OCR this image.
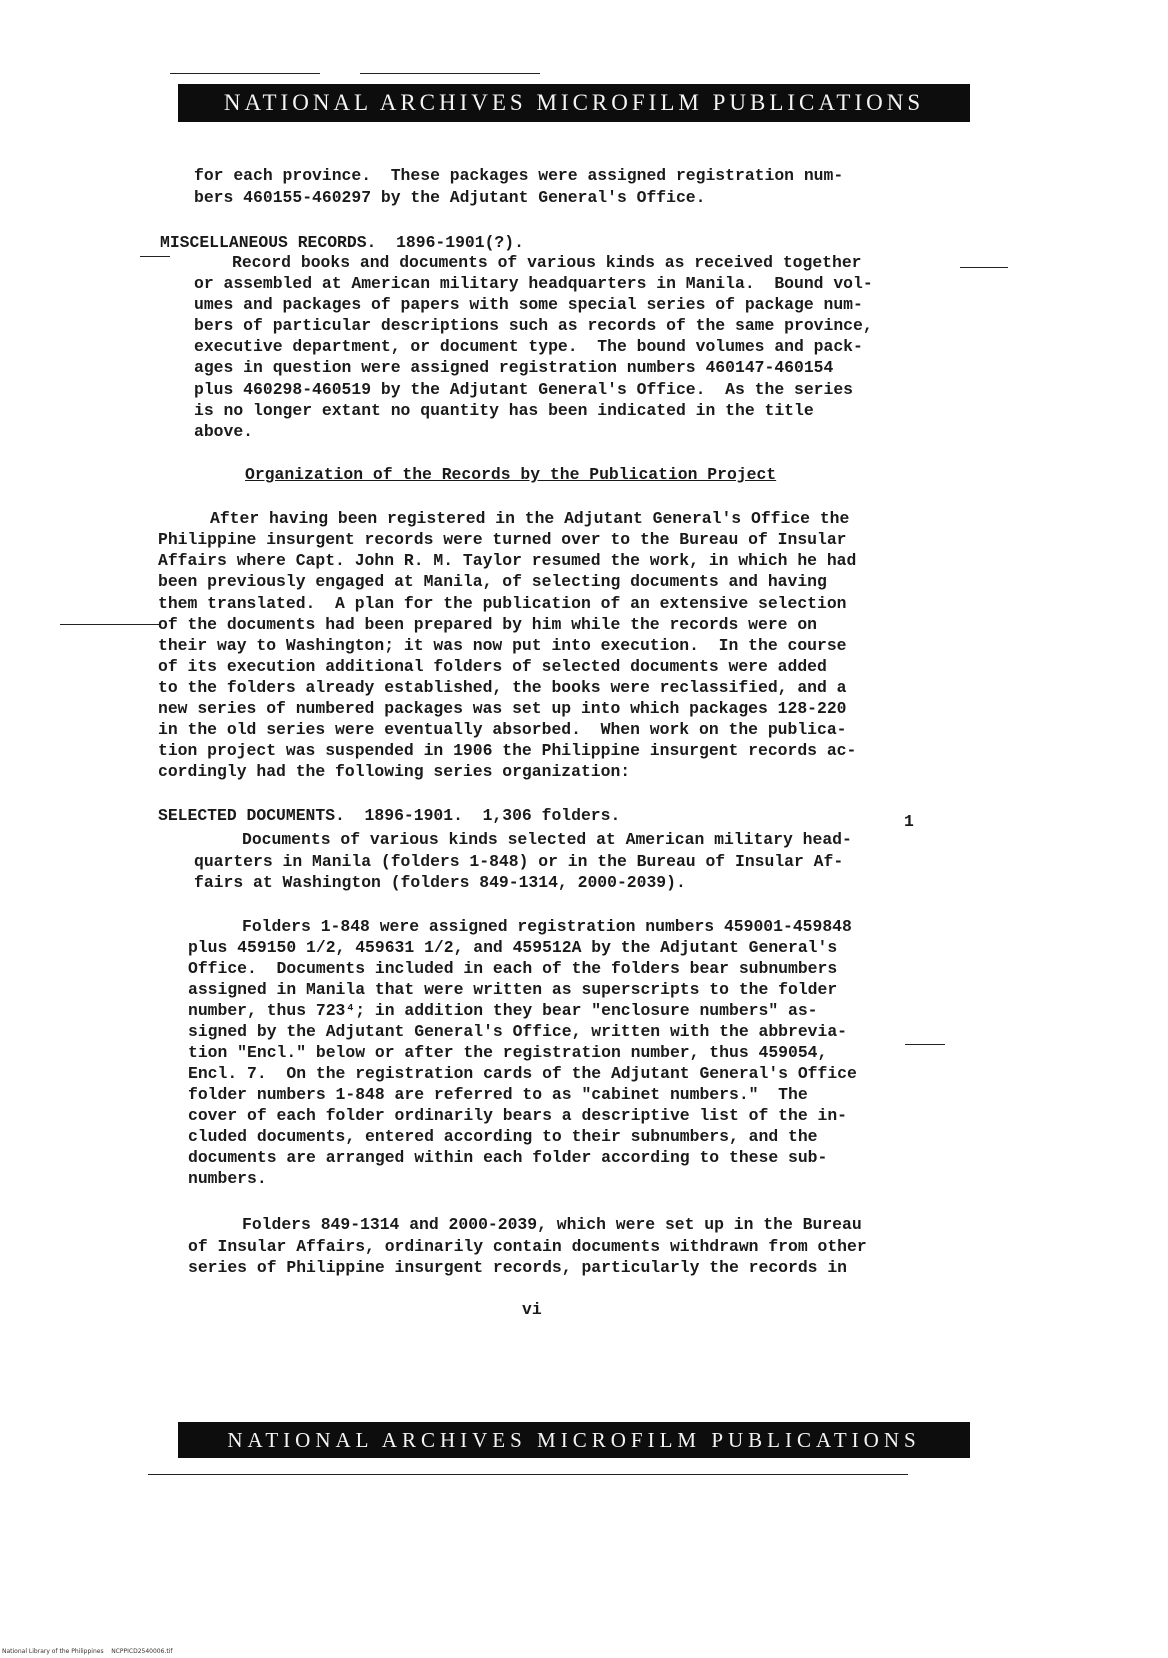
NATIONAL ARCHIVES MICROFILM PUBLICATIONS
for each province.  These packages were assigned registration num-
bers 460155-460297 by the Adjutant General's Office.
MISCELLANEOUS RECORDS.  1896-1901(?).
Record books and documents of various kinds as received together
or assembled at American military headquarters in Manila.  Bound vol-
umes and packages of papers with some special series of package num-
bers of particular descriptions such as records of the same province,
executive department, or document type.  The bound volumes and pack-
ages in question were assigned registration numbers 460147-460154
plus 460298-460519 by the Adjutant General's Office.  As the series
is no longer extant no quantity has been indicated in the title
above.
Organization of the Records by the Publication Project
After having been registered in the Adjutant General's Office the
Philippine insurgent records were turned over to the Bureau of Insular
Affairs where Capt. John R. M. Taylor resumed the work, in which he had
been previously engaged at Manila, of selecting documents and having
them translated.  A plan for the publication of an extensive selection
of the documents had been prepared by him while the records were on
their way to Washington; it was now put into execution.  In the course
of its execution additional folders of selected documents were added
to the folders already established, the books were reclassified, and a
new series of numbered packages was set up into which packages 128-220
in the old series were eventually absorbed.  When work on the publica-
tion project was suspended in 1906 the Philippine insurgent records ac-
cordingly had the following series organization:
SELECTED DOCUMENTS.  1896-1901.  1,306 folders.	1
Documents of various kinds selected at American military head-
quarters in Manila (folders 1-848) or in the Bureau of Insular Af-
fairs at Washington (folders 849-1314, 2000-2039).
Folders 1-848 were assigned registration numbers 459001-459848
plus 459150 1/2, 459631 1/2, and 459512A by the Adjutant General's
Office.  Documents included in each of the folders bear subnumbers
assigned in Manila that were written as superscripts to the folder
number, thus 723⁴; in addition they bear "enclosure numbers" as-
signed by the Adjutant General's Office, written with the abbrevia-
tion "Encl." below or after the registration number, thus 459054,
Encl. 7.  On the registration cards of the Adjutant General's Office
folder numbers 1-848 are referred to as "cabinet numbers."  The
cover of each folder ordinarily bears a descriptive list of the in-
cluded documents, entered according to their subnumbers, and the
documents are arranged within each folder according to these sub-
numbers.
Folders 849-1314 and 2000-2039, which were set up in the Bureau
of Insular Affairs, ordinarily contain documents withdrawn from other
series of Philippine insurgent records, particularly the records in
vi
NATIONAL ARCHIVES MICROFILM PUBLICATIONS
National Library of the Philippines    NCPPICD2540006.tif
